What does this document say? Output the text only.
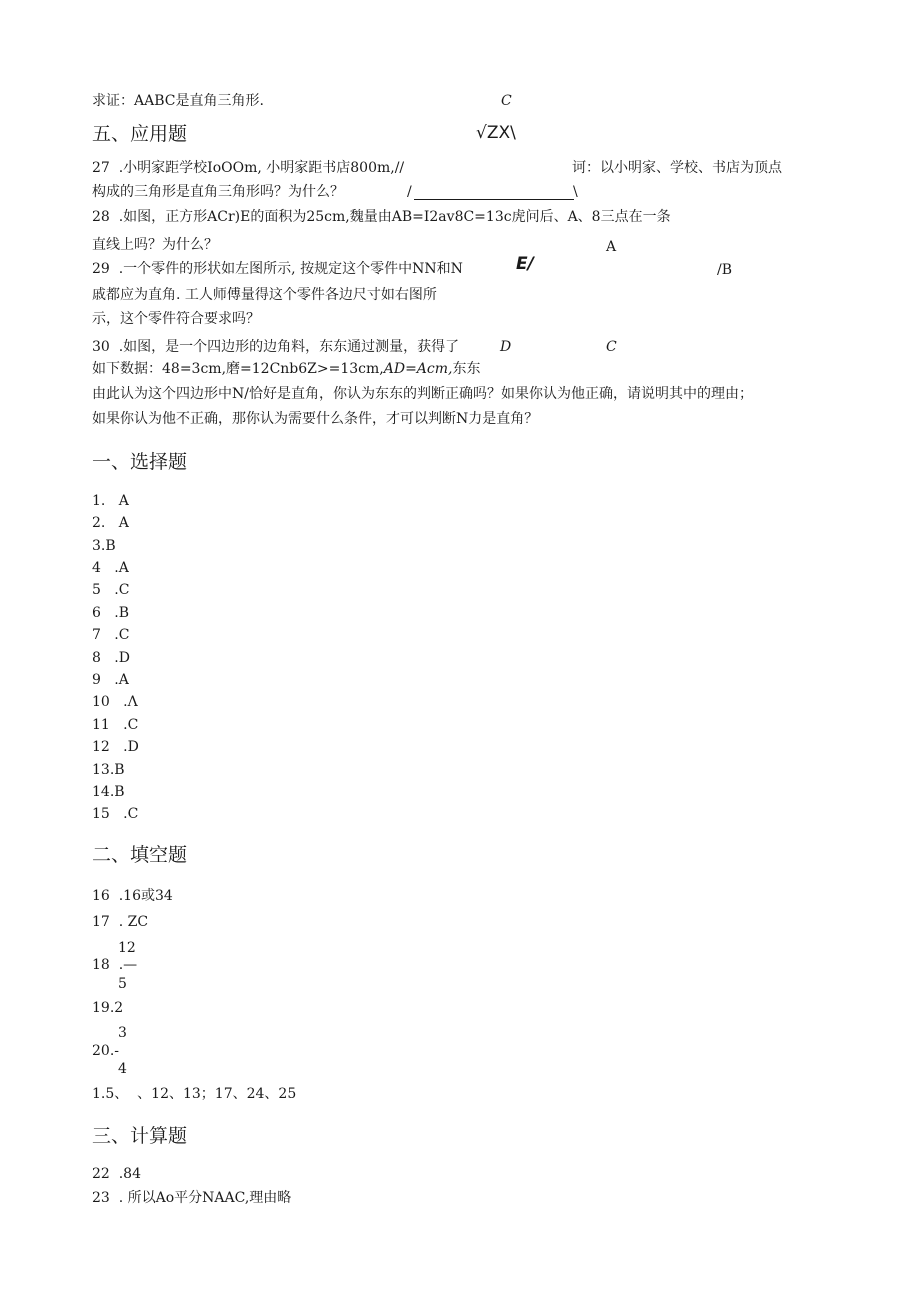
求证：AABC是直角三角形.	C
五、应用题	√ZX\
27  .小明家距学校IoOOm, 小明家距书店800m,//	诃：以小明家、学校、书店为顶点
构成的三角形是直角三角形吗？为什么？	/	\
28  .如图，正方形ACr)E的面积为25cm,魏量由AB=I2av8C=13c虎问后、A、8三点在一条
直线上吗？为什么？	A
29  .一个零件的形状如左图所示, 按规定这个零件中NN和N	E/	/B
戚都应为直角. 工人师傅量得这个零件各边尺寸如右图所
示，这个零件符合要求吗？
30  .如图，是一个四边形的边角料，东东通过测量，获得了	D	C
如下数据：48=3cm,磨=12Cnb6Z>=13cm,AD=Acm,东东
由此认为这个四边形中N/恰好是直角，你认为东东的判断正确吗？如果你认为他正确，请说明其中的理由；
如果你认为他不正确，那你认为需要什么条件，才可以判断N力是直角？
一、选择题
1.   A
2.   A
3.B
4   .A
5   .C
6   .B
7   .C
8   .D
9   .A
10   .Λ
11   .C
12   .D
13.B
14.B
15   .C
二、填空题
16  .16或34
17  . ZC
12
18  .—
5
19.2
3
20.-
4
1.5、  、12、13；17、24、25
三、计算题
22  .84
23  . 所以Ao平分NAAC,理由略
